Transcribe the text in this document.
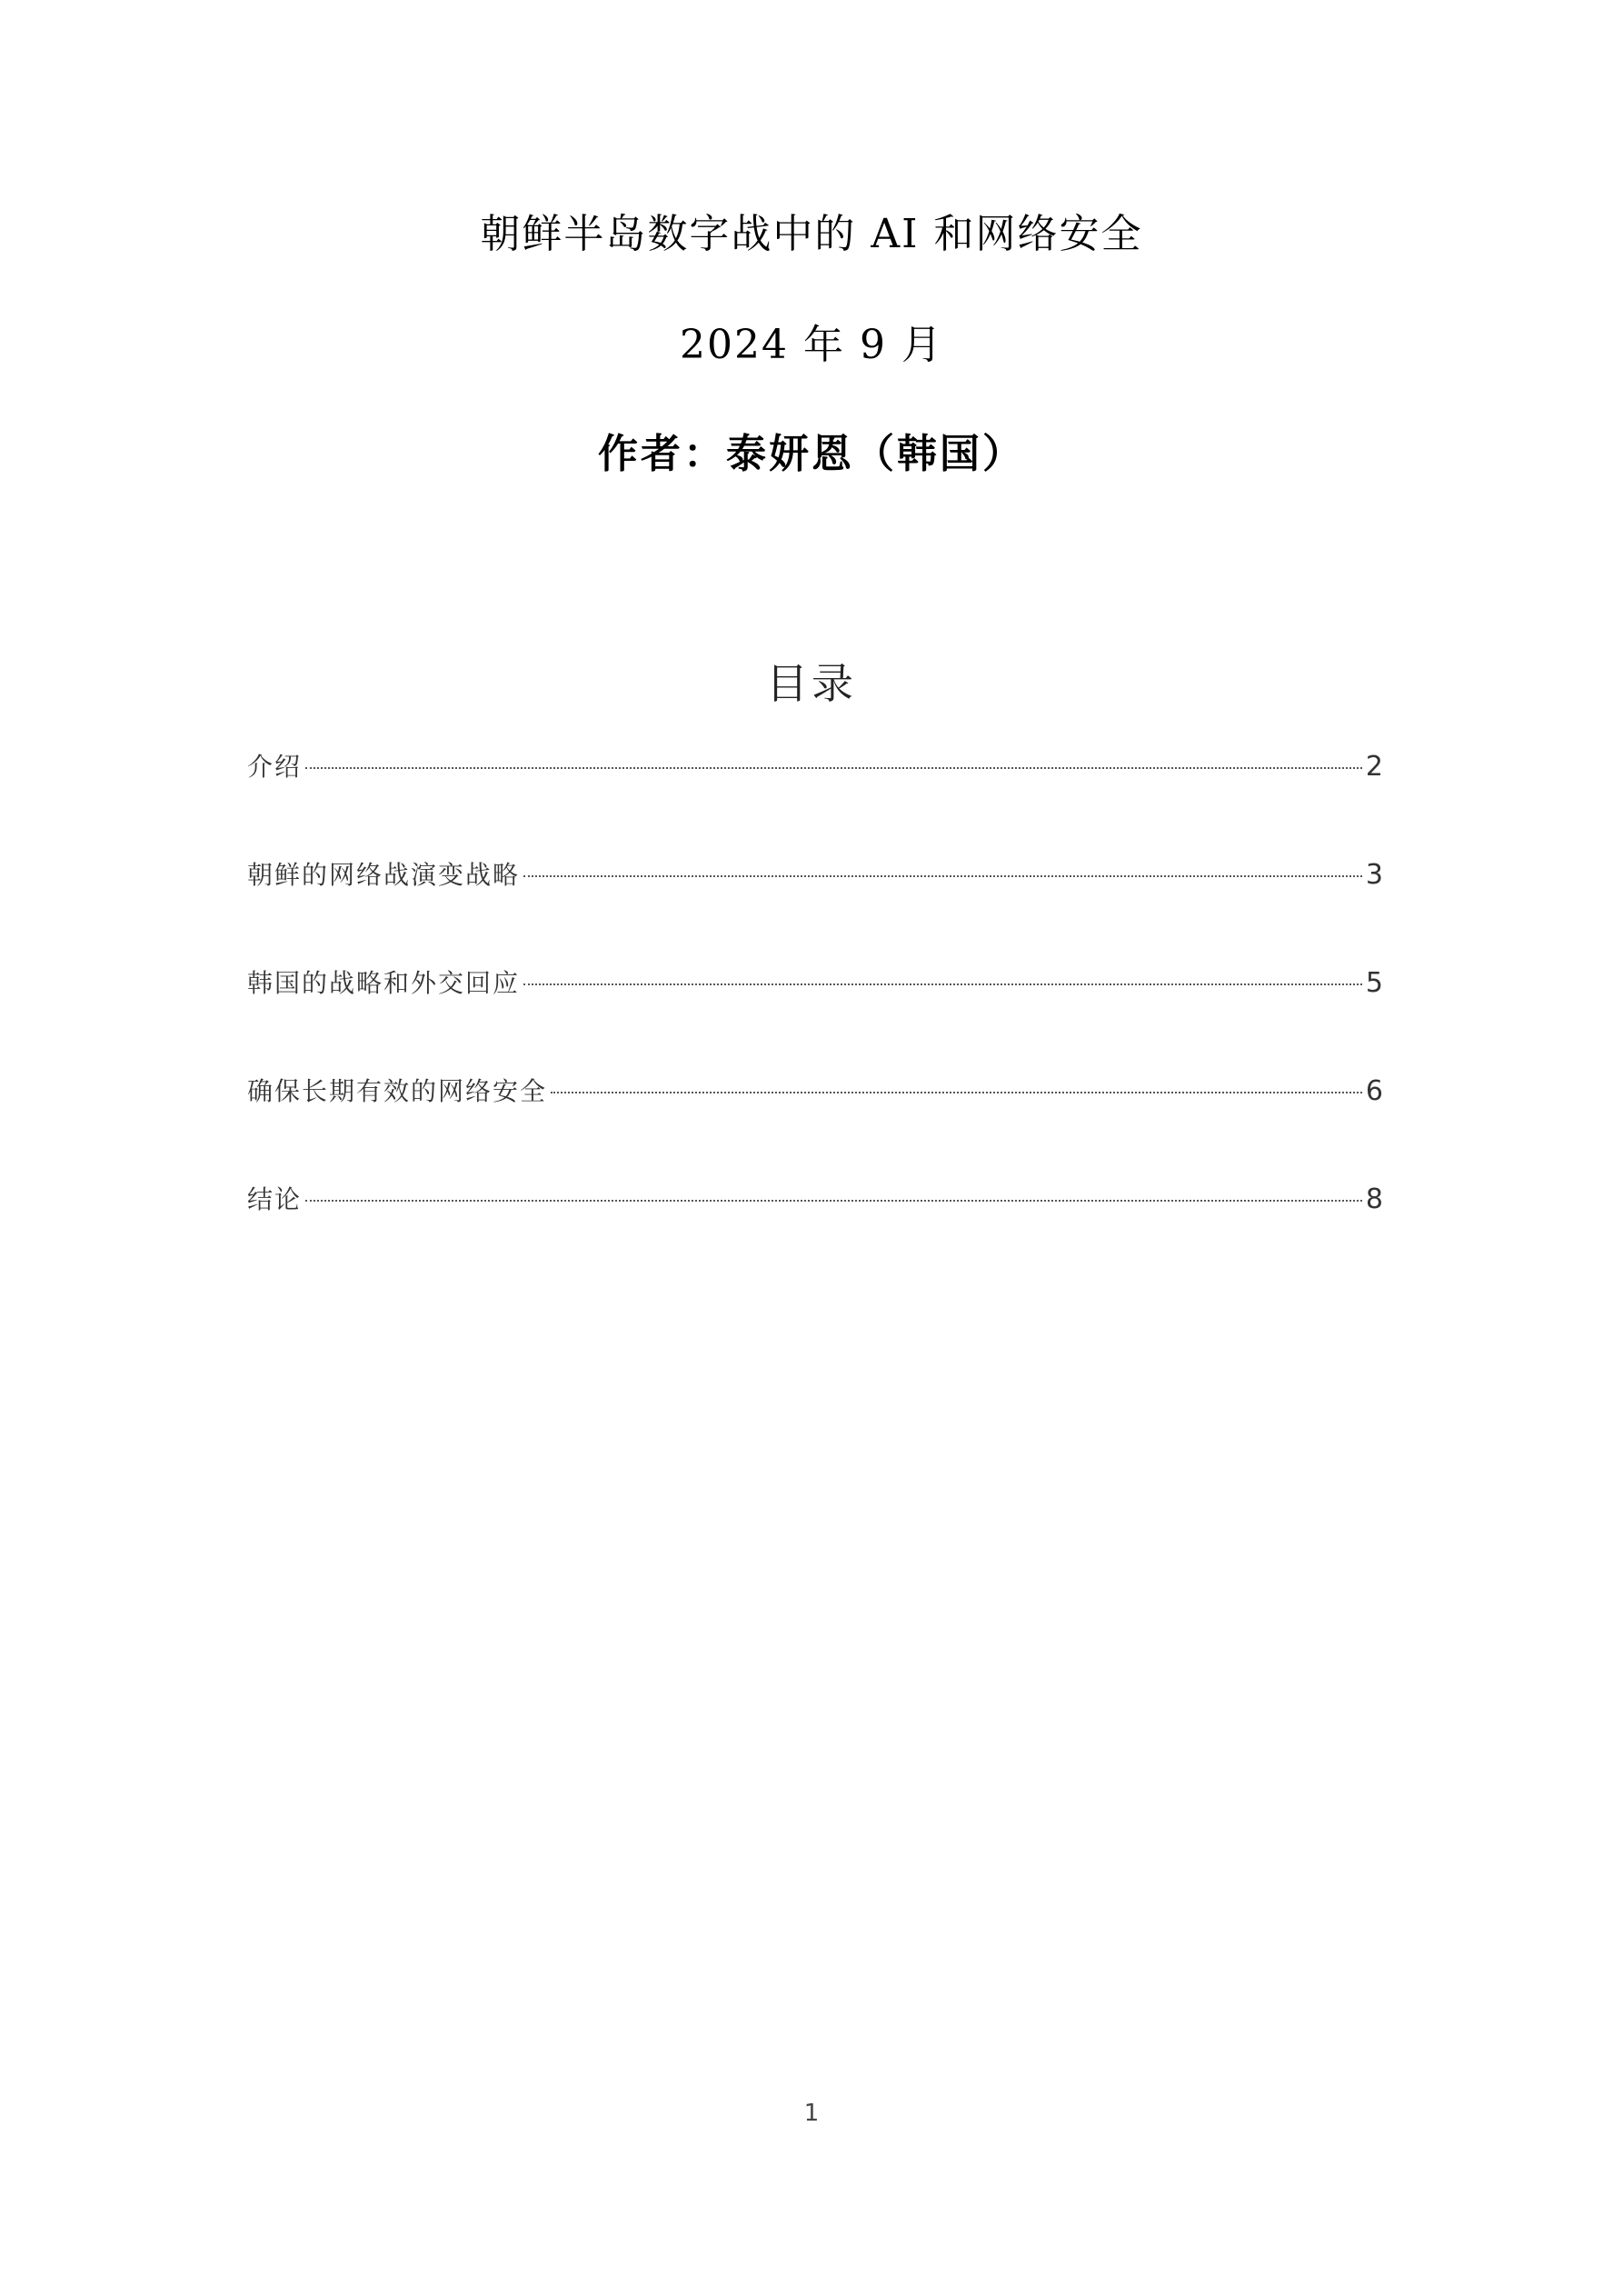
朝鲜半岛数字战中的 AI 和网络安全
2024 年 9 月
作者：泰妍恩（韩国）
目录
介绍	2
朝鲜的网络战演变战略	3
韩国的战略和外交回应	5
确保长期有效的网络安全	6
结论	8
1
